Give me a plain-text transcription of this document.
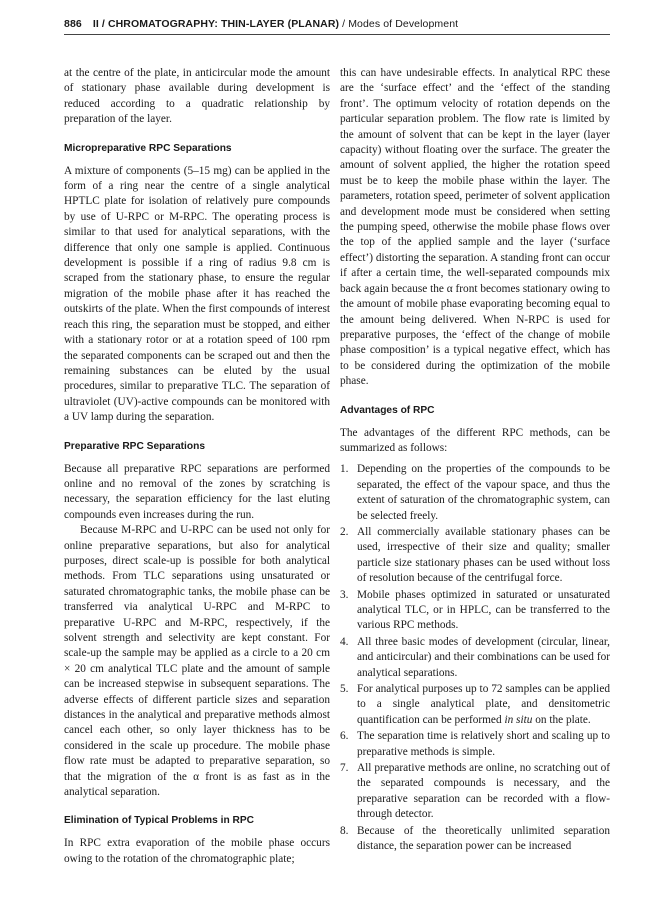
886 II / CHROMATOGRAPHY: THIN-LAYER (PLANAR) / Modes of Development

at the centre of the plate, in anticircular mode the amount of stationary phase available during development is reduced according to a quadratic relationship by preparation of the layer.

Micropreparative RPC Separations

A mixture of components (5–15 mg) can be applied in the form of a ring near the centre of a single analytical HPTLC plate for isolation of relatively pure compounds by use of U-RPC or M-RPC. The operating process is similar to that used for analytical separations, with the difference that only one sample is applied. Continuous development is possible if a ring of radius 9.8 cm is scraped from the stationary phase, to ensure the regular migration of the mobile phase after it has reached the outskirts of the plate. When the first compounds of interest reach this ring, the separation must be stopped, and either with a stationary rotor or at a rotation speed of 100 rpm the separated components can be scraped out and then the remaining substances can be eluted by the usual procedures, similar to preparative TLC. The separation of ultraviolet (UV)-active compounds can be monitored with a UV lamp during the separation.

Preparative RPC Separations

Because all preparative RPC separations are performed online and no removal of the zones by scratching is necessary, the separation efficiency for the last eluting compounds even increases during the run.

Because M-RPC and U-RPC can be used not only for online preparative separations, but also for analytical purposes, direct scale-up is possible for both analytical methods. From TLC separations using unsaturated or saturated chromatographic tanks, the mobile phase can be transferred via analytical U-RPC and M-RPC to preparative U-RPC and M-RPC, respectively, if the solvent strength and selectivity are kept constant. For scale-up the sample may be applied as a circle to a 20 cm × 20 cm analytical TLC plate and the amount of sample can be increased stepwise in subsequent separations. The adverse effects of different particle sizes and separation distances in the analytical and preparative methods almost cancel each other, so only layer thickness has to be considered in the scale up procedure. The mobile phase flow rate must be adapted to preparative separation, so that the migration of the α front is as fast as in the analytical separation.

Elimination of Typical Problems in RPC

In RPC extra evaporation of the mobile phase occurs owing to the rotation of the chromatographic plate;

this can have undesirable effects. In analytical RPC these are the ‘surface effect’ and the ‘effect of the standing front’. The optimum velocity of rotation depends on the particular separation problem. The flow rate is limited by the amount of solvent that can be kept in the layer (layer capacity) without floating over the surface. The greater the amount of solvent applied, the higher the rotation speed must be to keep the mobile phase within the layer. The parameters, rotation speed, perimeter of solvent application and development mode must be considered when setting the pumping speed, otherwise the mobile phase flows over the top of the applied sample and the layer (‘surface effect’) distorting the separation. A standing front can occur if after a certain time, the well-separated compounds mix back again because the α front becomes stationary owing to the amount of mobile phase evaporating becoming equal to the amount being delivered. When N-RPC is used for preparative purposes, the ‘effect of the change of mobile phase composition’ is a typical negative effect, which has to be considered during the optimization of the mobile phase.

Advantages of RPC

The advantages of the different RPC methods, can be summarized as follows:

1. Depending on the properties of the compounds to be separated, the effect of the vapour space, and thus the extent of saturation of the chromatographic system, can be selected freely.
2. All commercially available stationary phases can be used, irrespective of their size and quality; smaller particle size stationary phases can be used without loss of resolution because of the centrifugal force.
3. Mobile phases optimized in saturated or unsaturated analytical TLC, or in HPLC, can be transferred to the various RPC methods.
4. All three basic modes of development (circular, linear, and anticircular) and their combinations can be used for analytical separations.
5. For analytical purposes up to 72 samples can be applied to a single analytical plate, and densitometric quantification can be performed in situ on the plate.
6. The separation time is relatively short and scaling up to preparative methods is simple.
7. All preparative methods are online, no scratching out of the separated compounds is necessary, and the preparative separation can be recorded with a flow-through detector.
8. Because of the theoretically unlimited separation distance, the separation power can be increased
